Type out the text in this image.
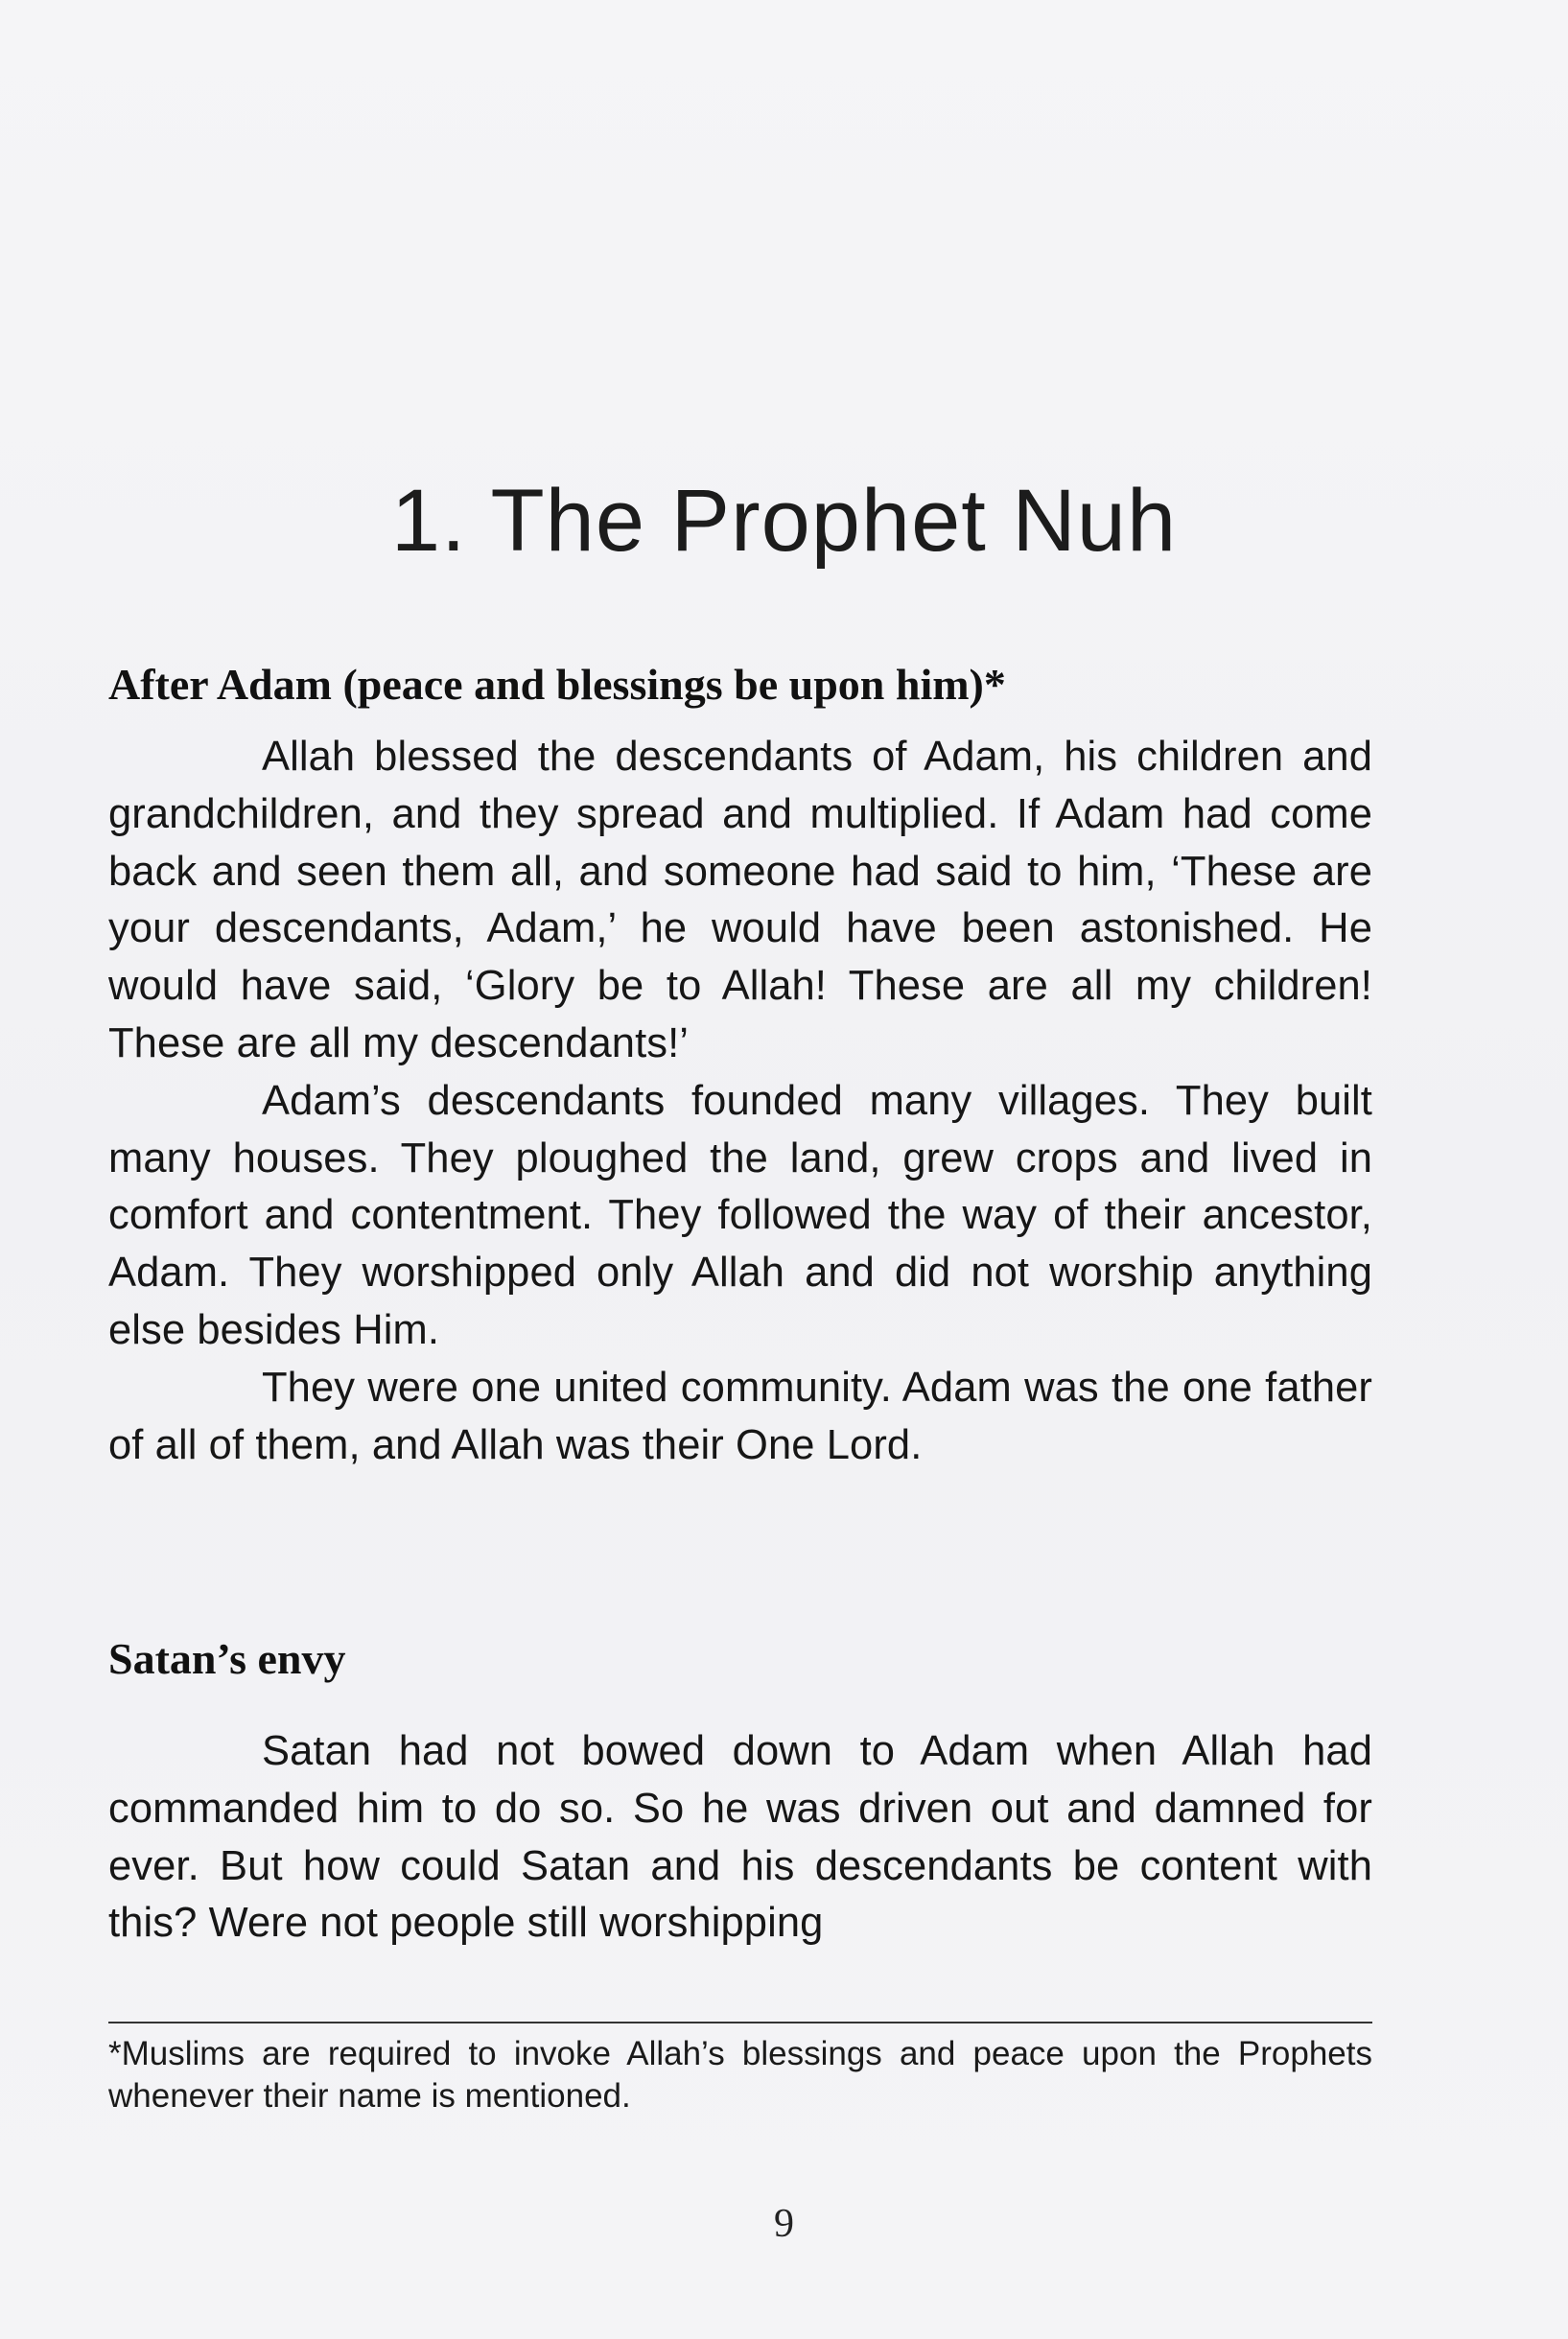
1. The Prophet Nuh
After Adam (peace and blessings be upon him)*

Allah blessed the descendants of Adam, his children and grandchildren, and they spread and multiplied. If Adam had come back and seen them all, and someone had said to him, ‘These are your descendants, Adam,’ he would have been astonished. He would have said, ‘Glory be to Allah! These are all my children! These are all my descendants!’

Adam’s descendants founded many villages. They built many houses. They ploughed the land, grew crops and lived in comfort and contentment. They followed the way of their ancestor, Adam. They worshipped only Allah and did not worship anything else besides Him.

They were one united community. Adam was the one father of all of them, and Allah was their One Lord.

Satan’s envy

Satan had not bowed down to Adam when Allah had commanded him to do so. So he was driven out and damned for ever. But how could Satan and his descendants be content with this? Were not people still worshipping

*Muslims are required to invoke Allah’s blessings and peace upon the Prophets whenever their name is mentioned.

9
